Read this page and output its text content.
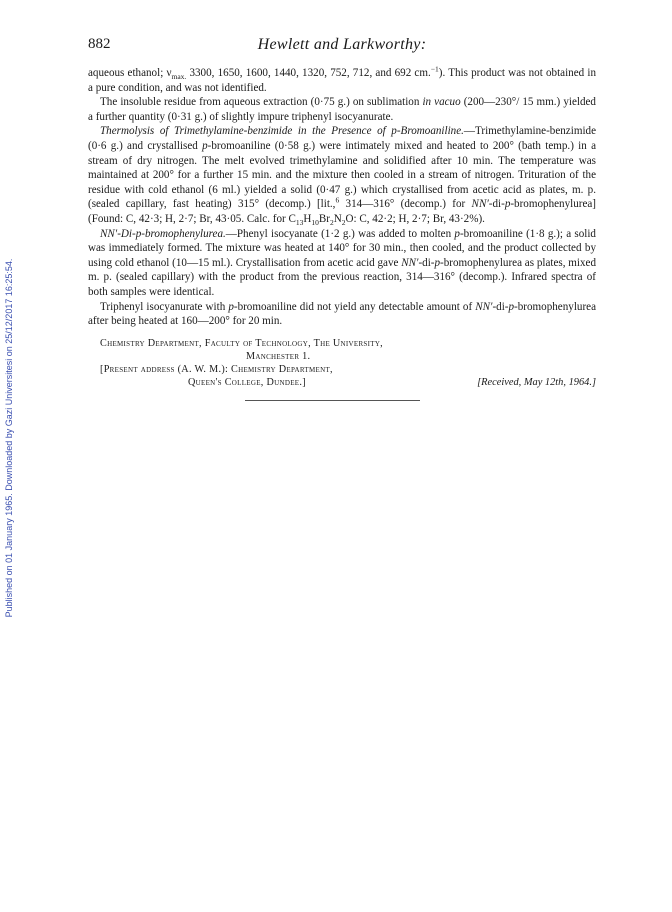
Published on 01 January 1965. Downloaded by Gazi Universitesi on 25/12/2017 16:25:54.
882	Hewlett and Larkworthy:

aqueous ethanol; $\nu_{max.}$ 3300, 1650, 1600, 1440, 1320, 752, 712, and 692 cm.$^{-1}$). This product was not obtained in a pure condition, and was not identified.

The insoluble residue from aqueous extraction (0·75 g.) on sublimation in vacuo (200—230°/ 15 mm.) yielded a further quantity (0·31 g.) of slightly impure triphenyl isocyanurate.

Thermolysis of Trimethylamine-benzimide in the Presence of p-Bromoaniline.—Trimethylamine-benzimide (0·6 g.) and crystallised p-bromoaniline (0·58 g.) were intimately mixed and heated to 200° (bath temp.) in a stream of dry nitrogen. The melt evolved trimethylamine and solidified after 10 min. The temperature was maintained at 200° for a further 15 min. and the mixture then cooled in a stream of nitrogen. Trituration of the residue with cold ethanol (6 ml.) yielded a solid (0·47 g.) which crystallised from acetic acid as plates, m. p. (sealed capillary, fast heating) 315° (decomp.) [lit.,$^6$ 314—316° (decomp.) for NN′-di-p-bromophenylurea] (Found: C, 42·3; H, 2·7; Br, 43·05. Calc. for $C_{13}H_{10}Br_2N_2O$: C, 42·2; H, 2·7; Br, 43·2%).

NN′-Di-p-bromophenylurea.—Phenyl isocyanate (1·2 g.) was added to molten p-bromoaniline (1·8 g.); a solid was immediately formed. The mixture was heated at 140° for 30 min., then cooled, and the product collected by using cold ethanol (10—15 ml.). Crystallisation from acetic acid gave NN′-di-p-bromophenylurea as plates, mixed m. p. (sealed capillary) with the product from the previous reaction, 314—316° (decomp.). Infrared spectra of both samples were identical.

Triphenyl isocyanurate with p-bromoaniline did not yield any detectable amount of NN′-di-p-bromophenylurea after being heated at 160—200° for 20 min.

Chemistry Department, Faculty of Technology, The University,
Manchester 1.
[Present address (A. W. M.): Chemistry Department,
Queen's College, Dundee.]	[Received, May 12th, 1964.]
